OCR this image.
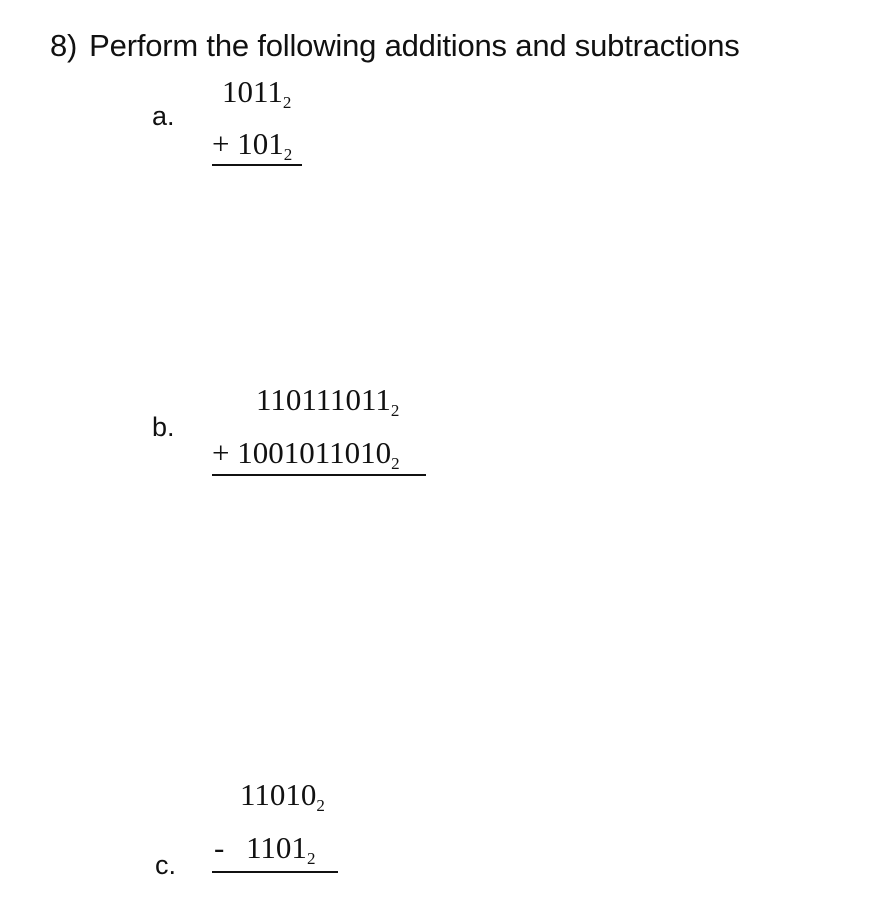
8) Perform the following additions and subtractions
a.
$1011_2$
+ $101_2$
b.
$110111011_2$
+ $1001011010_2$
c.
$11010_2$
- $1101_2$
